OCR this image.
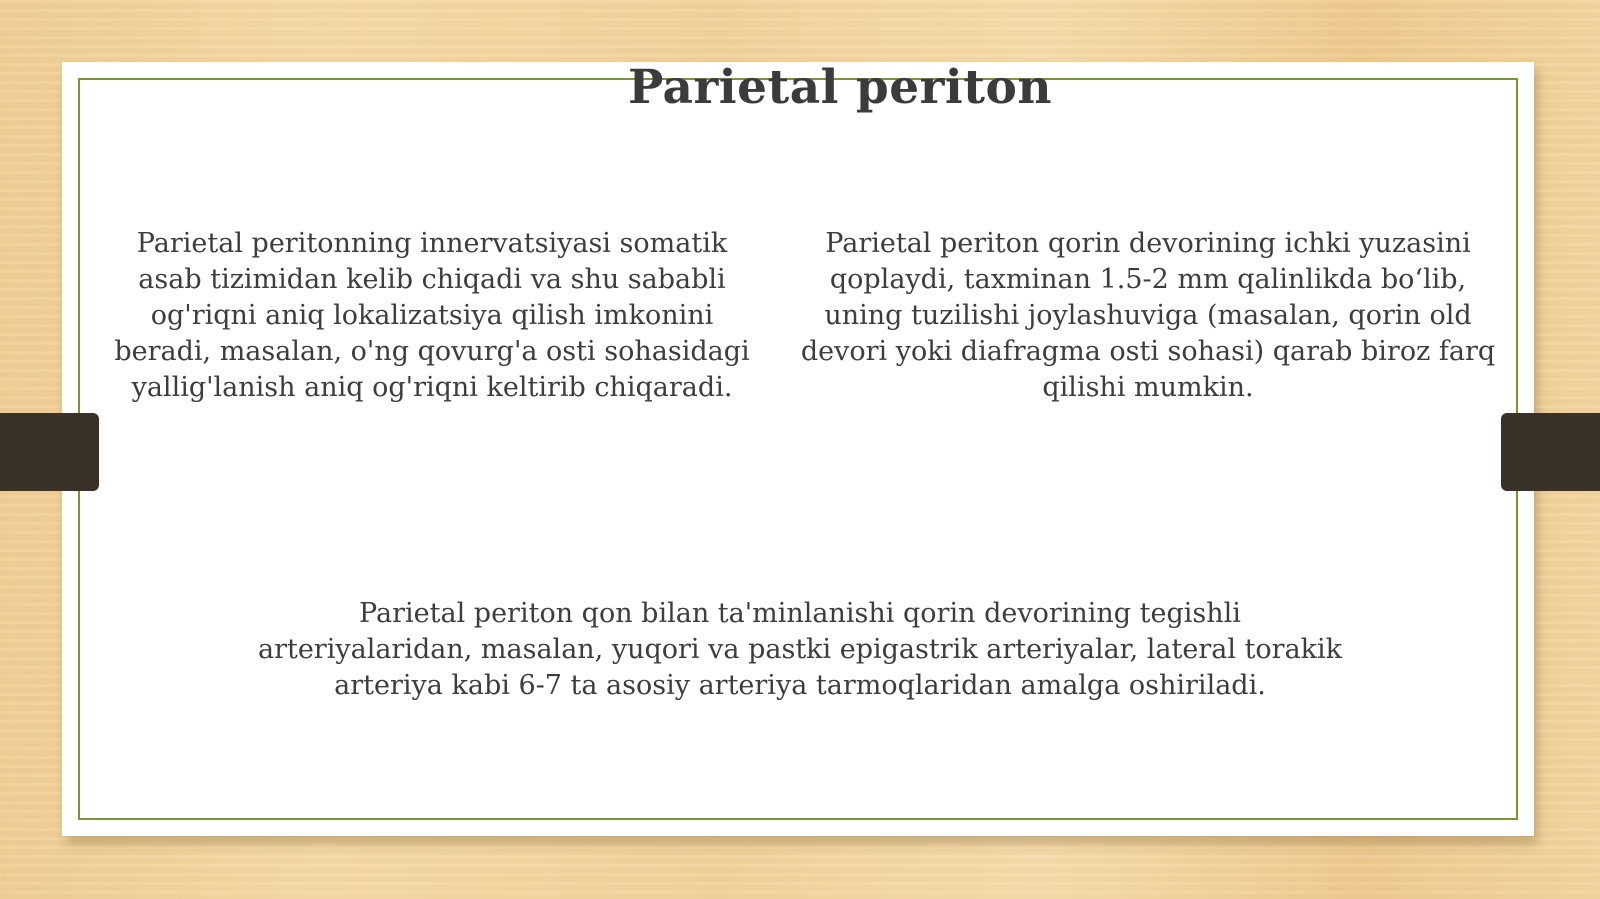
Parietal periton

Parietal peritonning innervatsiyasi somatik asab tizimidan kelib chiqadi va shu sababli og'riqni aniq lokalizatsiya qilish imkonini beradi, masalan, o'ng qovurg'a osti sohasidagi yallig'lanish aniq og'riqni keltirib chiqaradi.

Parietal periton qorin devorining ichki yuzasini qoplaydi, taxminan 1.5-2 mm qalinlikda bo‘lib, uning tuzilishi joylashuviga (masalan, qorin old devori yoki diafragma osti sohasi) qarab biroz farq qilishi mumkin.

Parietal periton qon bilan ta'minlanishi qorin devorining tegishli arteriyalaridan, masalan, yuqori va pastki epigastrik arteriyalar, lateral torakik arteriya kabi 6-7 ta asosiy arteriya tarmoqlaridan amalga oshiriladi.
